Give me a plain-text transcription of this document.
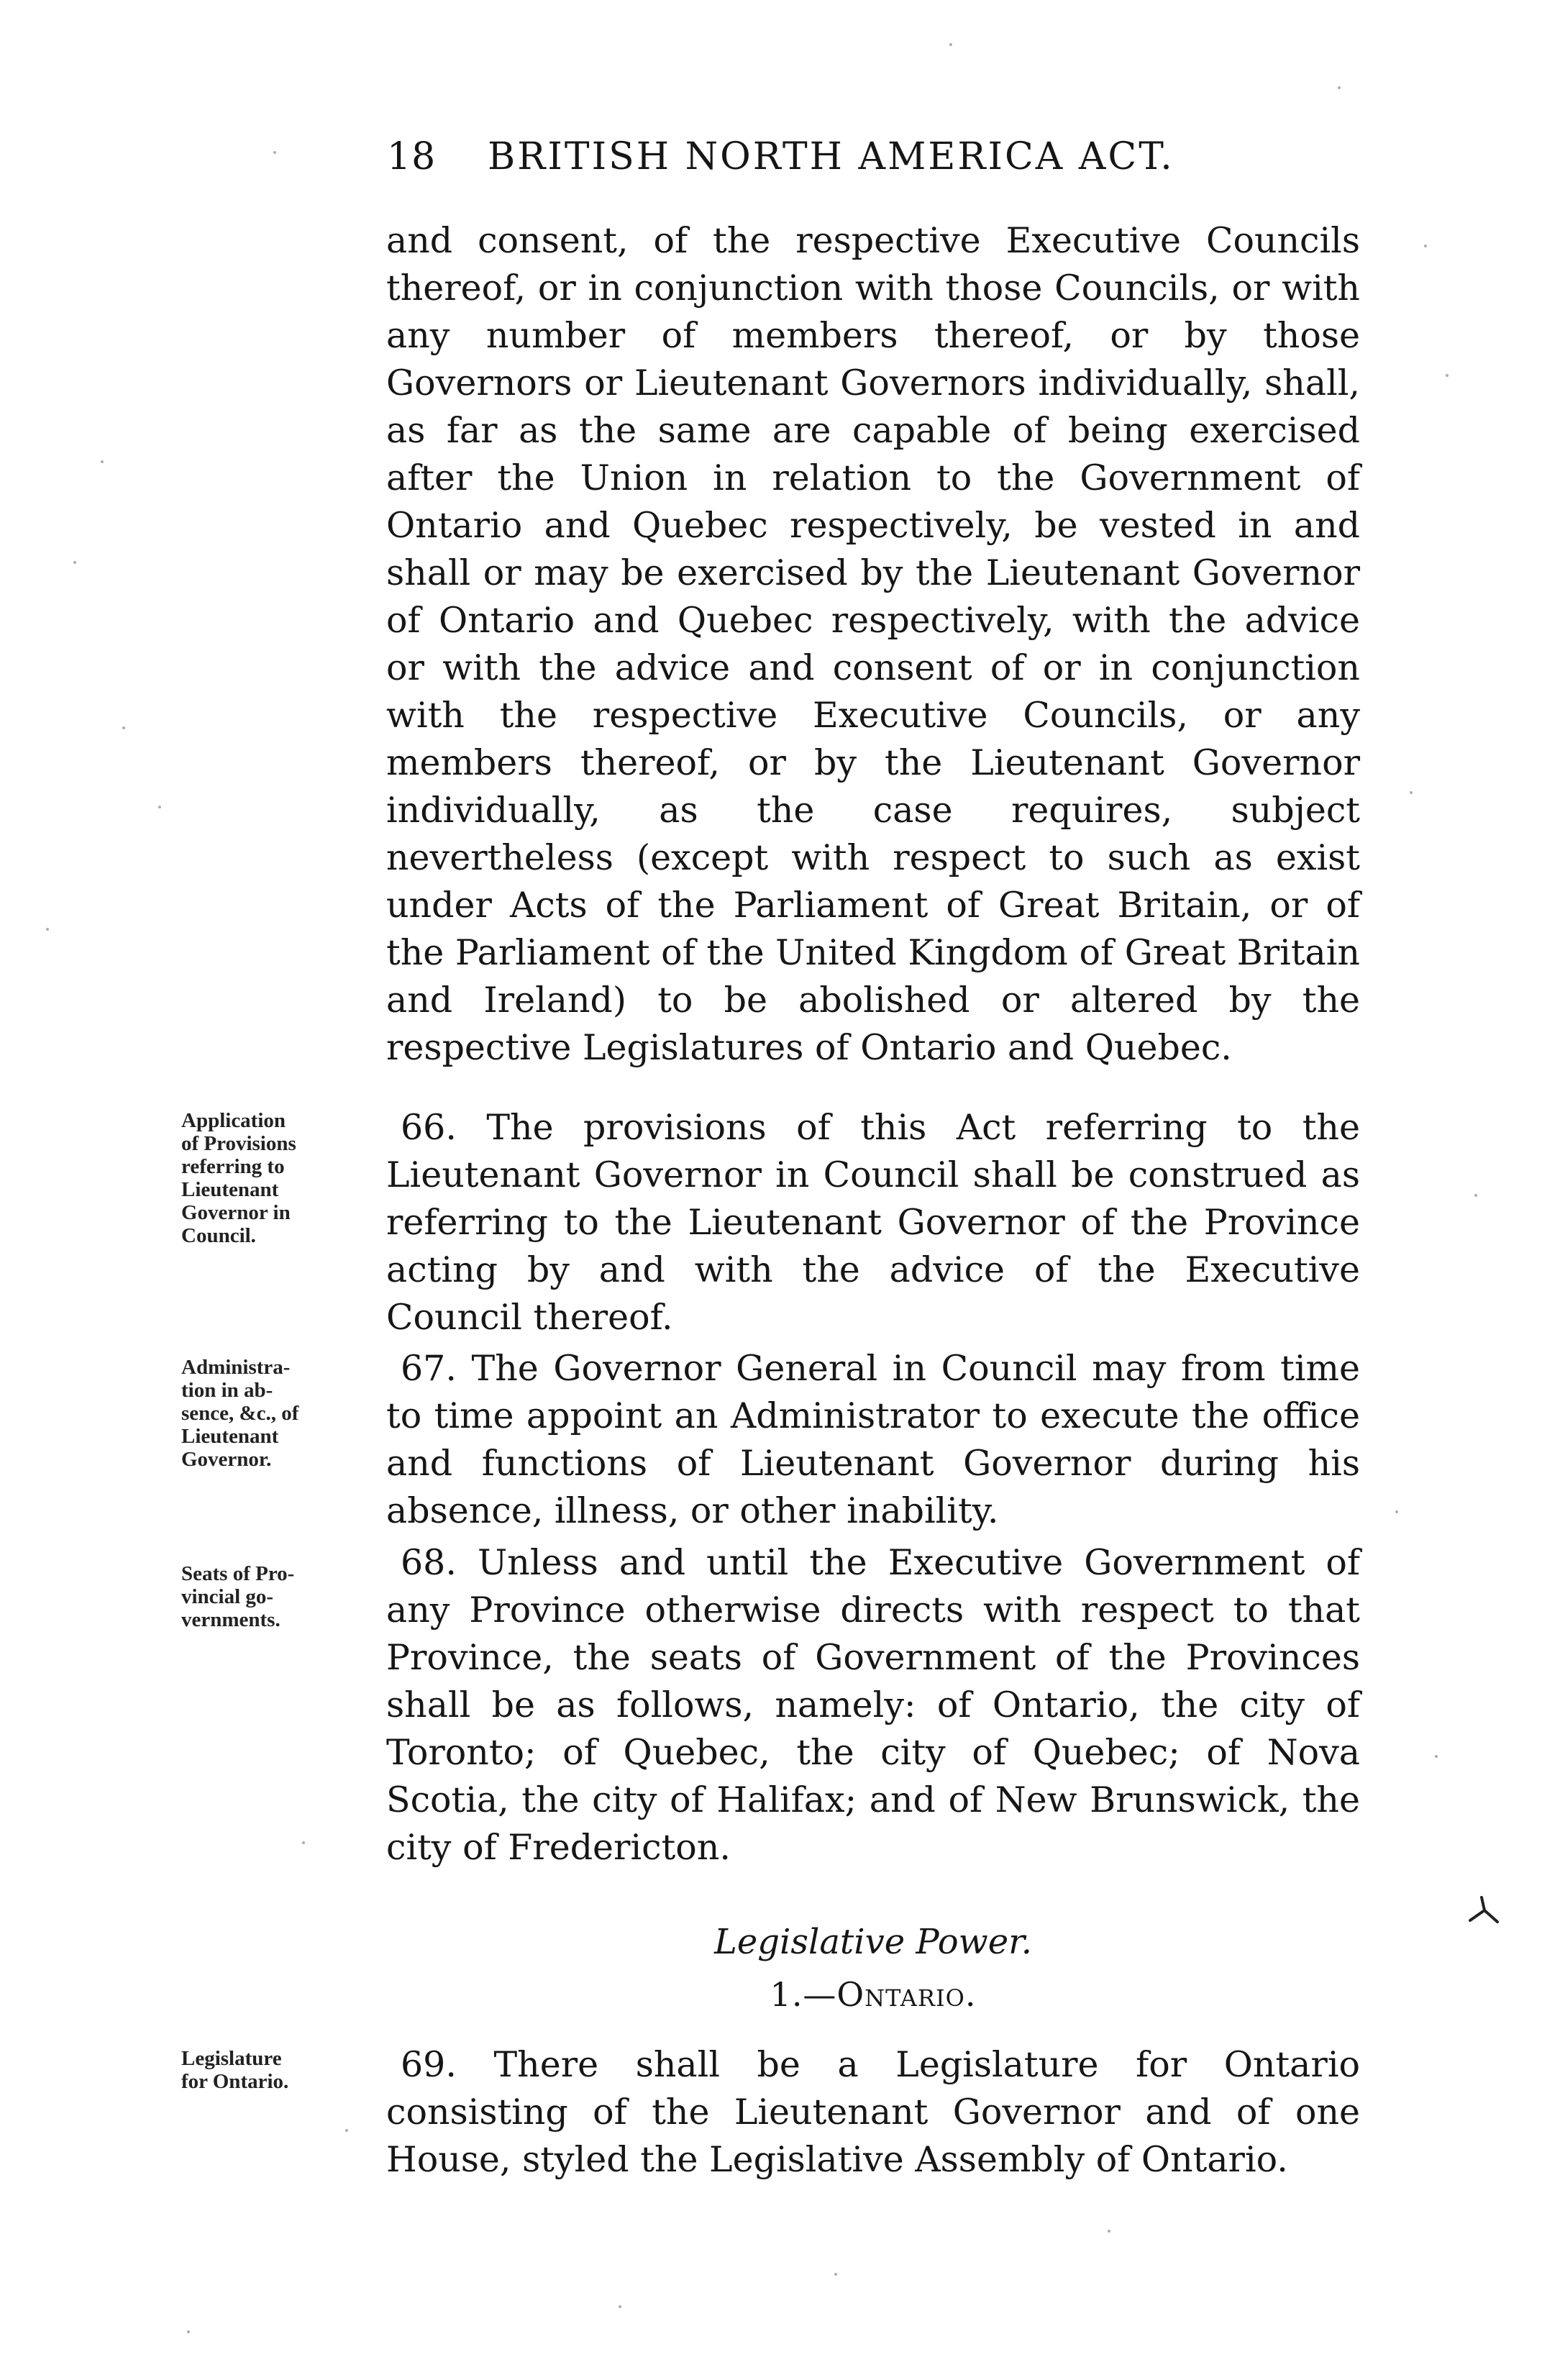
18 BRITISH NORTH AMERICA ACT.

and consent, of the respective Executive Councils thereof, or in conjunction with those Councils, or with any number of members thereof, or by those Governors or Lieutenant Governors individually, shall, as far as the same are capable of being exercised after the Union in relation to the Government of Ontario and Quebec respectively, be vested in and shall or may be exercised by the Lieutenant Governor of Ontario and Quebec respectively, with the advice or with the advice and consent of or in conjunction with the respective Executive Councils, or any members thereof, or by the Lieutenant Governor individually, as the case requires, subject nevertheless (except with respect to such as exist under Acts of the Parliament of Great Britain, or of the Parliament of the United Kingdom of Great Britain and Ireland) to be abolished or altered by the respective Legislatures of Ontario and Quebec.

Application
of Provisions
referring to
Lieutenant
Governor in
Council.

66. The provisions of this Act referring to the Lieutenant Governor in Council shall be construed as referring to the Lieutenant Governor of the Province acting by and with the advice of the Executive Council thereof.

Administra-
tion in ab-
sence, &c., of
Lieutenant
Governor.

67. The Governor General in Council may from time to time appoint an Administrator to execute the office and functions of Lieutenant Governor during his absence, illness, or other inability.

Seats of Pro-
vincial go-
vernments.

68. Unless and until the Executive Government of any Province otherwise directs with respect to that Province, the seats of Government of the Provinces shall be as follows, namely: of Ontario, the city of Toronto; of Quebec, the city of Quebec; of Nova Scotia, the city of Halifax; and of New Brunswick, the city of Fredericton.

Legislative Power.
1.—Ontario.
Legislature
for Ontario.	69. There shall be a Legislature for Ontario consisting of the Lieutenant Governor and of one House, styled the Legislative Assembly of Ontario.
